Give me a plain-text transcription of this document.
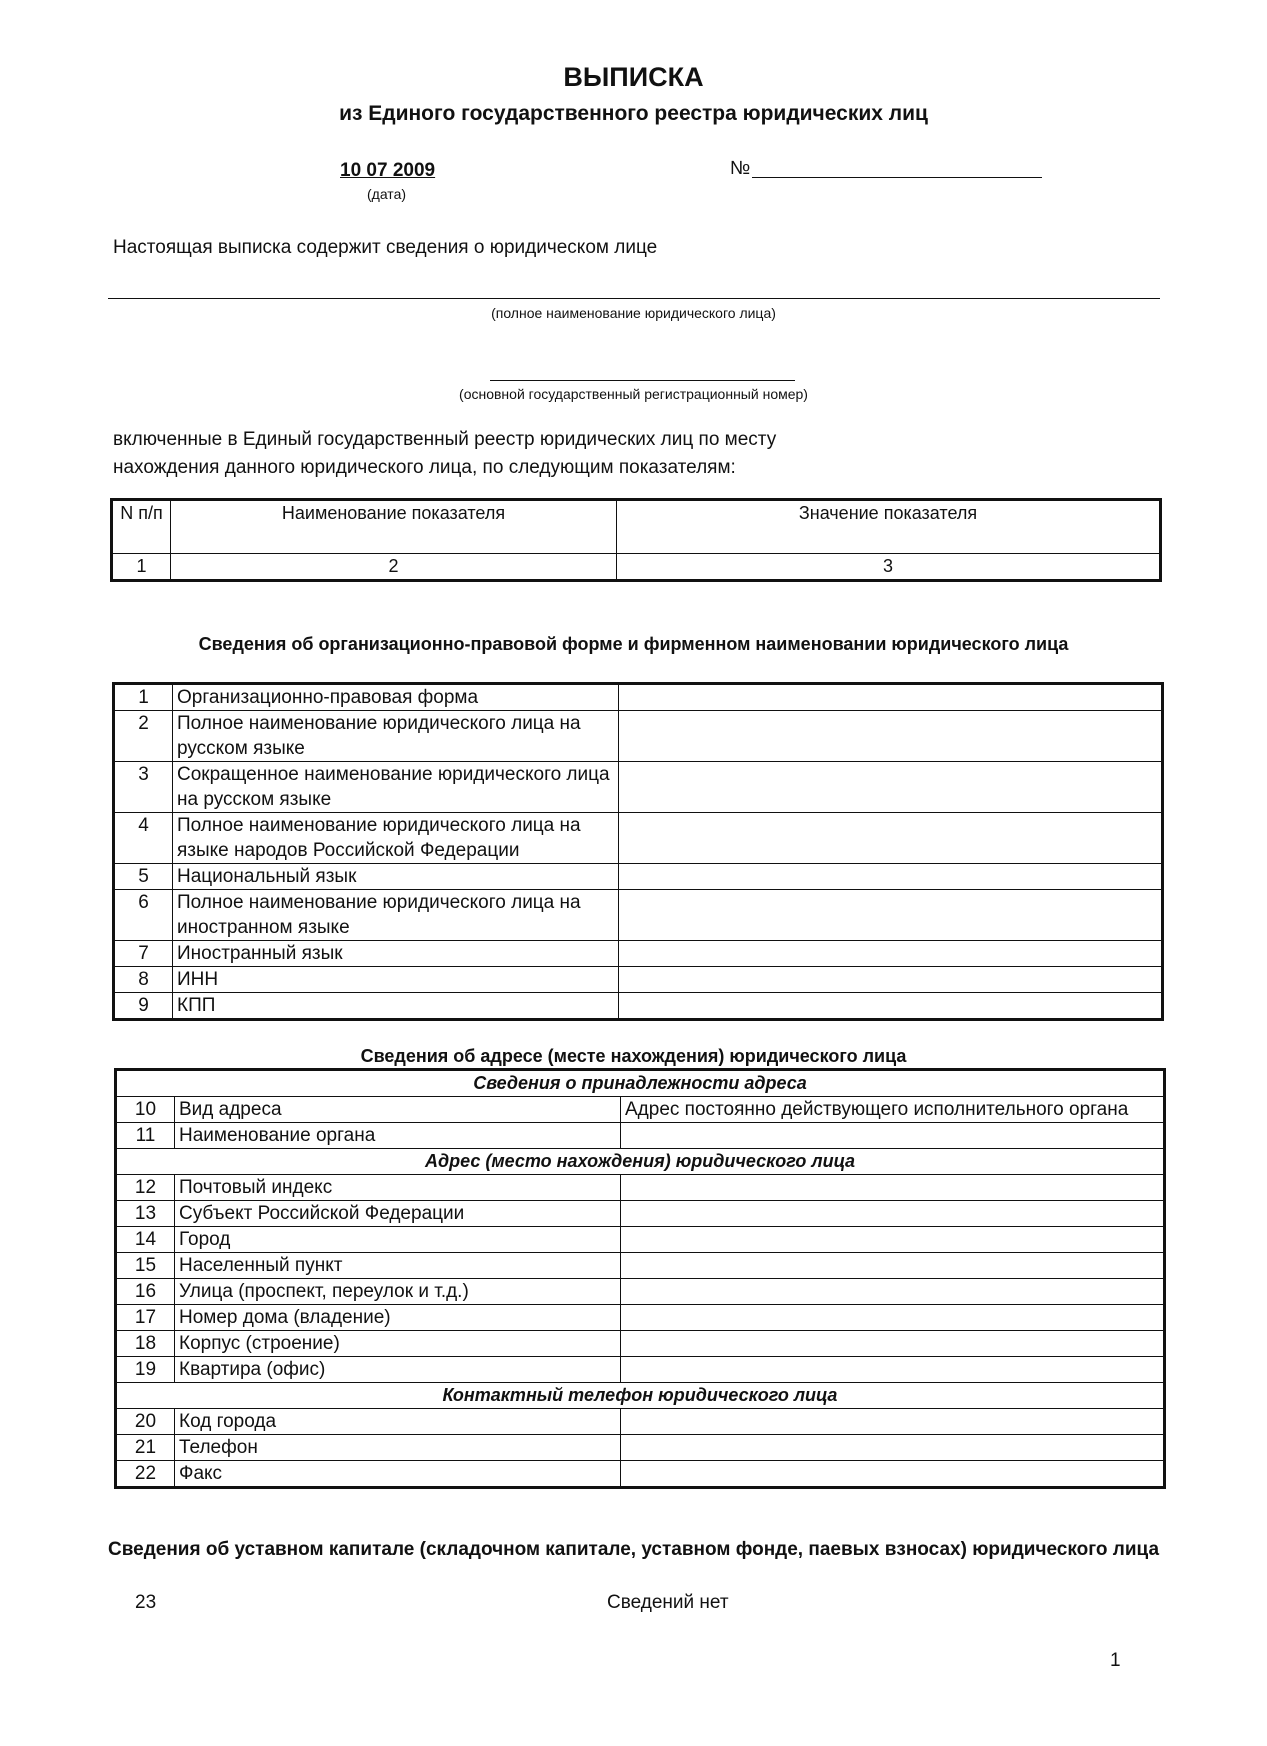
ВЫПИСКА
из Единого государственного реестра юридических лиц
10 07 2009
(дата)
№
Настоящая выписка содержит сведения о юридическом лице
(полное наименование юридического лица)
(основной государственный регистрационный номер)
включенные в Единый государственный реестр юридических лиц по месту нахождения данного юридического лица, по следующим показателям:
N п/п	Наименование показателя	Значение показателя
1	2	3
Сведения об организационно-правовой форме и фирменном наименовании юридического лица
1	Организационно-правовая форма	
2	Полное наименование юридического лица на русском языке	
3	Сокращенное наименование юридического лица на русском языке	
4	Полное наименование юридического лица на языке народов Российской Федерации	
5	Национальный язык	
6	Полное наименование юридического лица на иностранном языке	
7	Иностранный язык	
8	ИНН	
9	КПП	
Сведения об адресе (месте нахождения) юридического лица
Сведения о принадлежности адреса		
10	Вид адреса	Адрес постоянно действующего исполнительного органа
11	Наименование органа	
Адрес (место нахождения) юридического лица		
12	Почтовый индекс	
13	Субъект Российской Федерации	
14	Город	
15	Населенный пункт	
16	Улица (проспект, переулок и т.д.)	
17	Номер дома (владение)	
18	Корпус (строение)	
19	Квартира (офис)	
Контактный телефон юридического лица		
20	Код города	
21	Телефон	
22	Факс	
Сведения об уставном капитале (складочном капитале, уставном фонде, паевых взносах) юридического лица
23	Сведений нет
1
